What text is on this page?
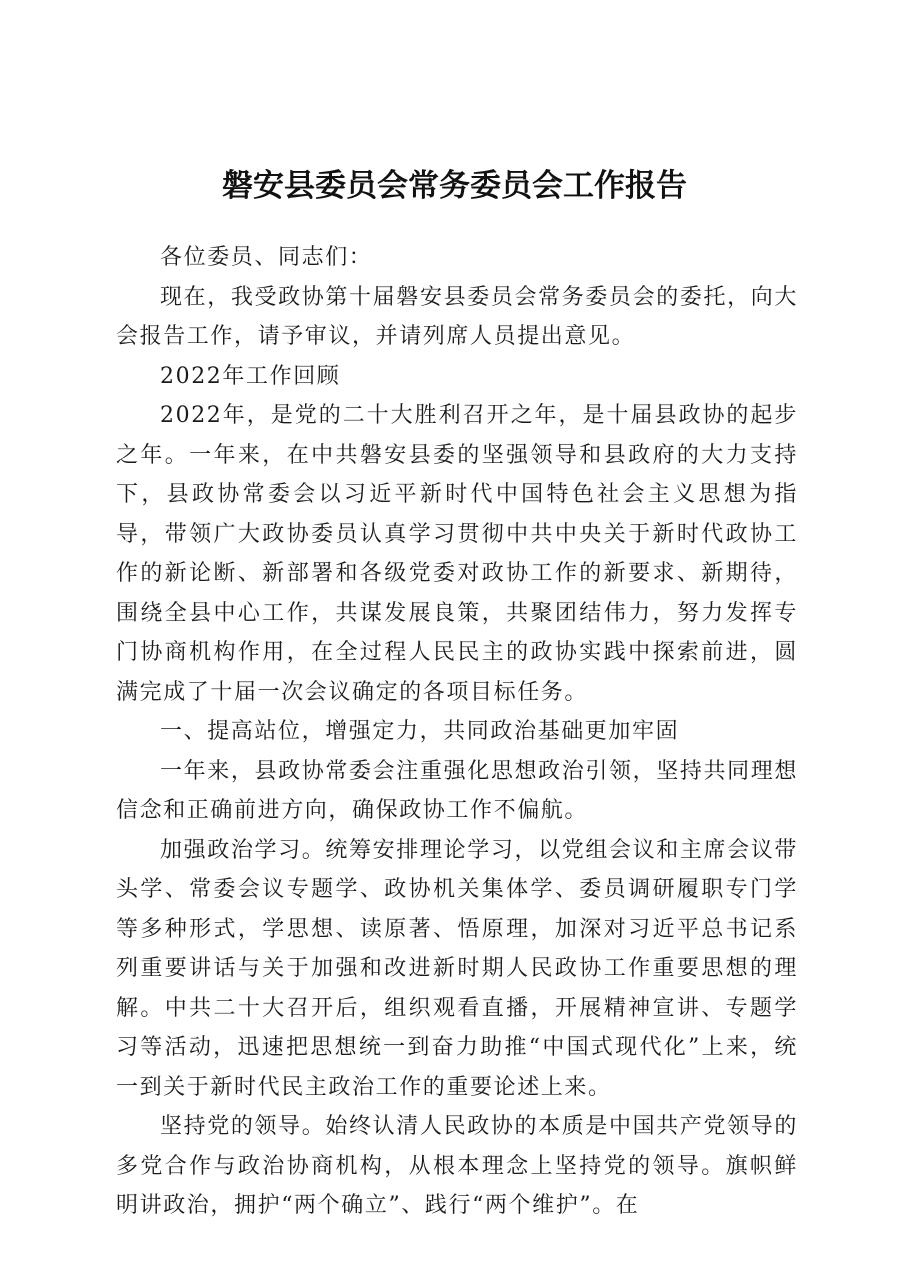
磐安县委员会常务委员会工作报告

各位委员、同志们：

现在，我受政协第十届磐安县委员会常务委员会的委托，向大会报告工作，请予审议，并请列席人员提出意见。

2022年工作回顾

2022年，是党的二十大胜利召开之年，是十届县政协的起步之年。一年来，在中共磐安县委的坚强领导和县政府的大力支持下，县政协常委会以习近平新时代中国特色社会主义思想为指导，带领广大政协委员认真学习贯彻中共中央关于新时代政协工作的新论断、新部署和各级党委对政协工作的新要求、新期待，围绕全县中心工作，共谋发展良策，共聚团结伟力，努力发挥专门协商机构作用，在全过程人民民主的政协实践中探索前进，圆满完成了十届一次会议确定的各项目标任务。

一、提高站位，增强定力，共同政治基础更加牢固

一年来，县政协常委会注重强化思想政治引领，坚持共同理想信念和正确前进方向，确保政协工作不偏航。

加强政治学习。统筹安排理论学习，以党组会议和主席会议带头学、常委会议专题学、政协机关集体学、委员调研履职专门学等多种形式，学思想、读原著、悟原理，加深对习近平总书记系列重要讲话与关于加强和改进新时期人民政协工作重要思想的理解。中共二十大召开后，组织观看直播，开展精神宣讲、专题学习等活动，迅速把思想统一到奋力助推“中国式现代化”上来，统一到关于新时代民主政治工作的重要论述上来。

坚持党的领导。始终认清人民政协的本质是中国共产党领导的多党合作与政治协商机构，从根本理念上坚持党的领导。旗帜鲜明讲政治，拥护“两个确立”、践行“两个维护”。在
